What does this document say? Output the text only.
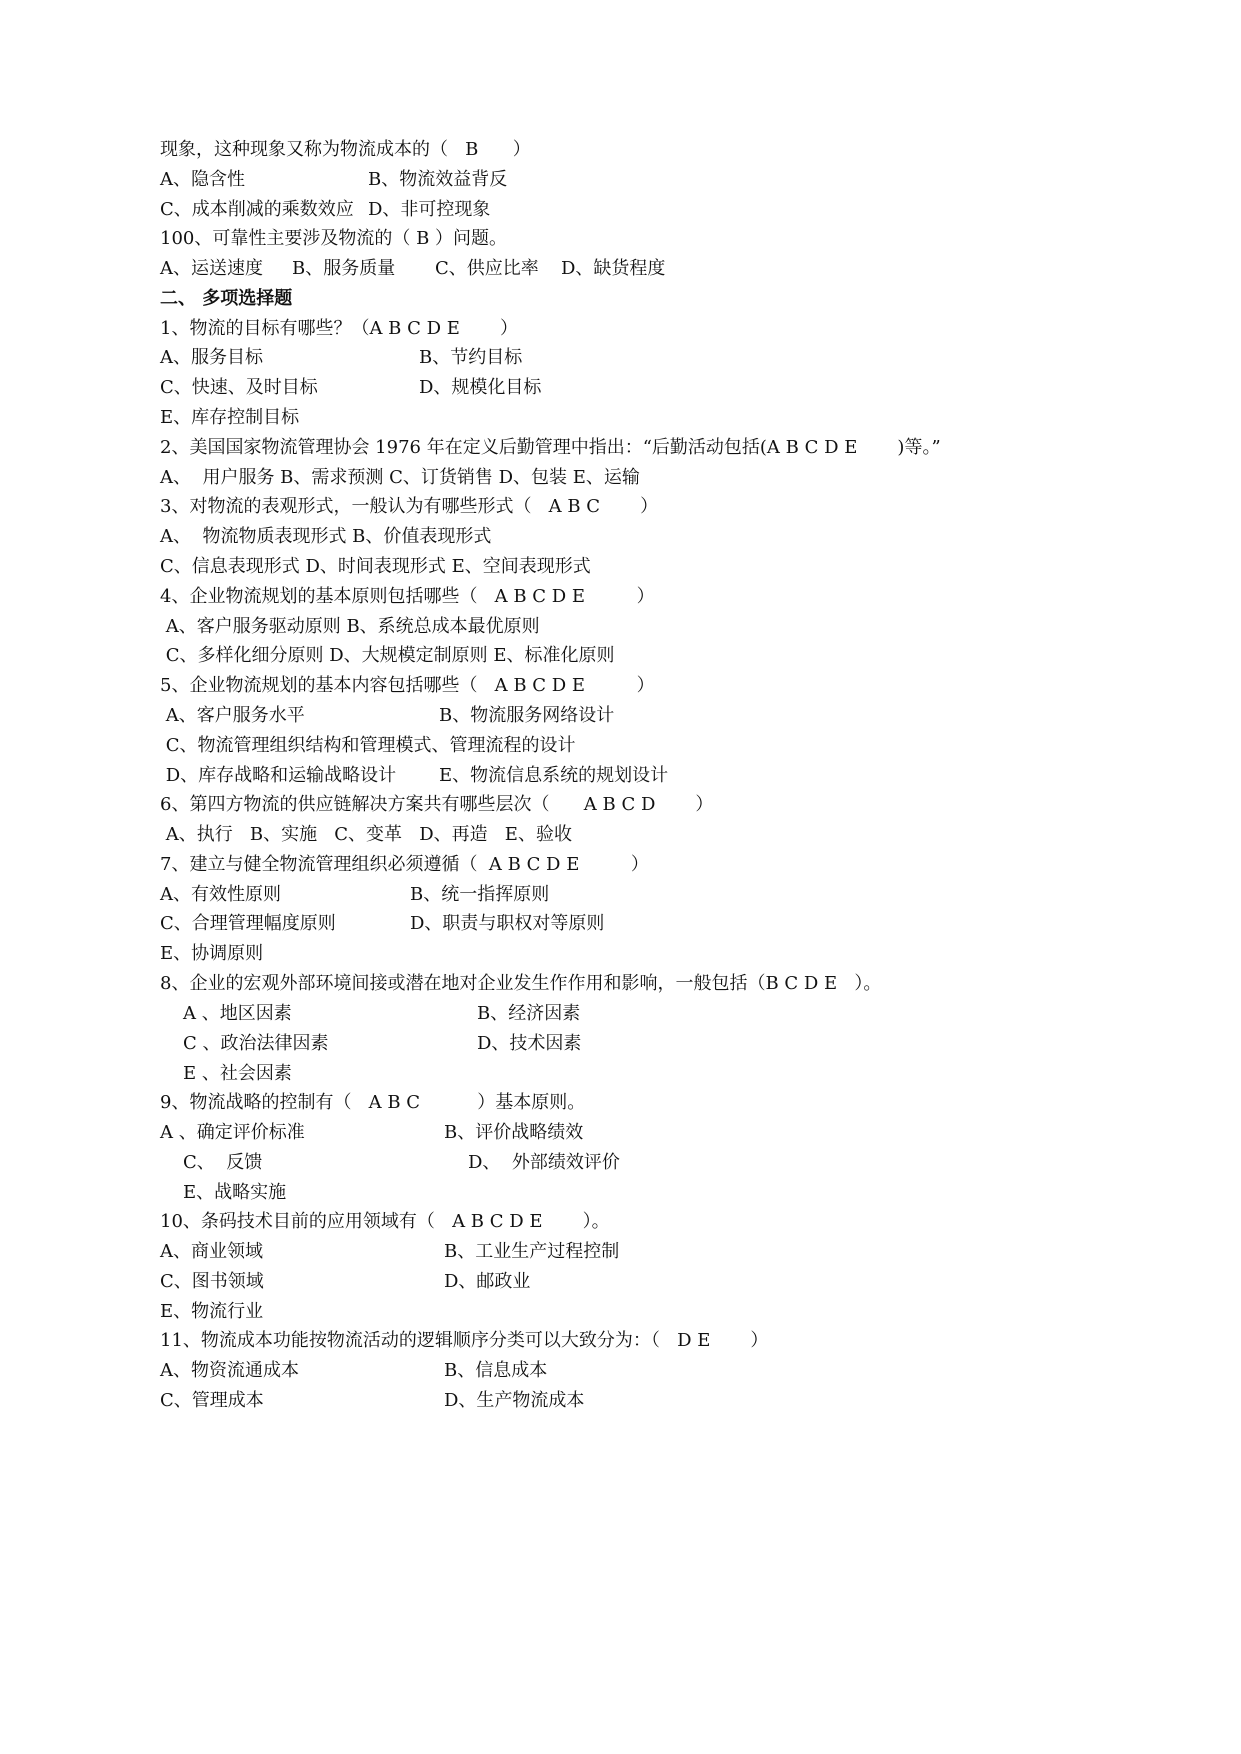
现象，这种现象又称为物流成本的（   B      ）
A、隐含性	B、物流效益背反
C、成本削减的乘数效应 D、非可控现象
100、可靠性主要涉及物流的（ B ）问题。
A、运送速度 B、服务质量 C、供应比率 D、缺货程度
二、 多项选择题
1、物流的目标有哪些？（A B C D E       ）
A、服务目标	B、节约目标
C、快速、及时目标	D、规模化目标
E、库存控制目标
2、美国国家物流管理协会 1976 年在定义后勤管理中指出：“后勤活动包括(A B C D E       )等。”
A、  用户服务 B、需求预测 C、订货销售 D、包装 E、运输
3、对物流的表观形式，一般认为有哪些形式（   A B C       ）
A、  物流物质表现形式 B、价值表现形式
C、信息表现形式 D、时间表现形式 E、空间表现形式
4、企业物流规划的基本原则包括哪些（   A B C D E         ）
A、客户服务驱动原则 B、系统总成本最优原则
C、多样化细分原则 D、大规模定制原则 E、标准化原则
5、企业物流规划的基本内容包括哪些（   A B C D E         ）
A、客户服务水平	B、物流服务网络设计
C、物流管理组织结构和管理模式、管理流程的设计
D、库存战略和运输战略设计 E、物流信息系统的规划设计
6、第四方物流的供应链解决方案共有哪些层次（      A B C D       ）
A、执行   B、实施   C、变革   D、再造   E、验收
7、建立与健全物流管理组织必须遵循（  A B C D E         ）
A、有效性原则	B、统一指挥原则
C、合理管理幅度原则	D、职责与职权对等原则
E、协调原则
8、企业的宏观外部环境间接或潜在地对企业发生作作用和影响，一般包括（B C D E   ）。
A 、地区因素	B、经济因素
C 、政治法律因素	D、技术因素
E 、社会因素
9、物流战略的控制有（   A B C          ）基本原则。
A 、确定评价标准	B、评价战略绩效
C、  反馈	D、  外部绩效评价
E、战略实施
10、条码技术目前的应用领域有（   A B C D E       ）。
A、商业领域	B、工业生产过程控制
C、图书领域	D、邮政业
E、物流行业
11、物流成本功能按物流活动的逻辑顺序分类可以大致分为：（   D E       ）
A、物资流通成本	B、信息成本
C、管理成本	D、生产物流成本
